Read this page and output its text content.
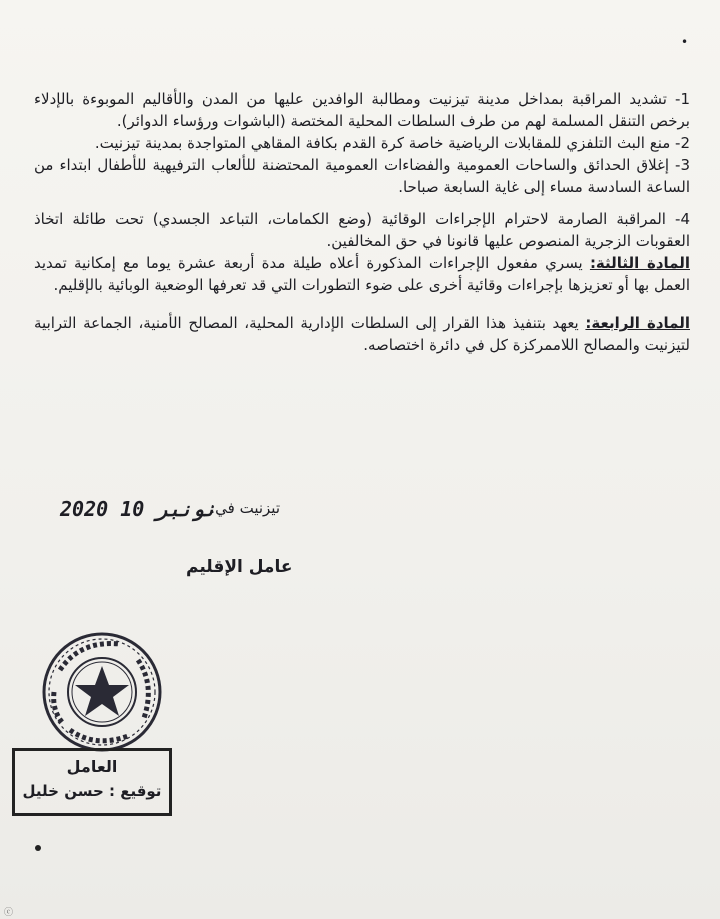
•

1- تشديد المراقبة بمداخل مدينة تيزنيت ومطالبة الوافدين عليها من المدن والأقاليم الموبوءة بالإدلاء برخص التنقل المسلمة لهم من طرف السلطات المحلية المختصة (الباشوات ورؤساء الدوائر).

2- منع البث التلفزي للمقابلات الرياضية خاصة كرة القدم بكافة المقاهي المتواجدة بمدينة تيزنيت.

3- إغلاق الحدائق والساحات العمومية والفضاءات العمومية المحتضنة للألعاب الترفيهية للأطفال ابتداء من الساعة السادسة مساء إلى غاية السابعة صباحا.

4- المراقبة الصارمة لاحترام الإجراءات الوقائية (وضع الكمامات، التباعد الجسدي) تحت طائلة اتخاذ العقوبات الزجرية المنصوص عليها قانونا في حق المخالفين.

المادة الثالثة: يسري مفعول الإجراءات المذكورة أعلاه طيلة مدة أربعة عشرة يوما مع إمكانية تمديد العمل بها أو تعزيزها بإجراءات وقائية أخرى على ضوء التطورات التي قد تعرفها الوضعية الوبائية بالإقليم.

المادة الرابعة: يعهد بتنفيذ هذا القرار إلى السلطات الإدارية المحلية، المصالح الأمنية، الجماعة الترابية لتيزنيت والمصالح اللاممركزة كل في دائرة اختصاصه.

تيزنيت في:
2020 نونبر 10
عامل الإقليم
العامل
توقيع : حسن خليل
ⓒ
